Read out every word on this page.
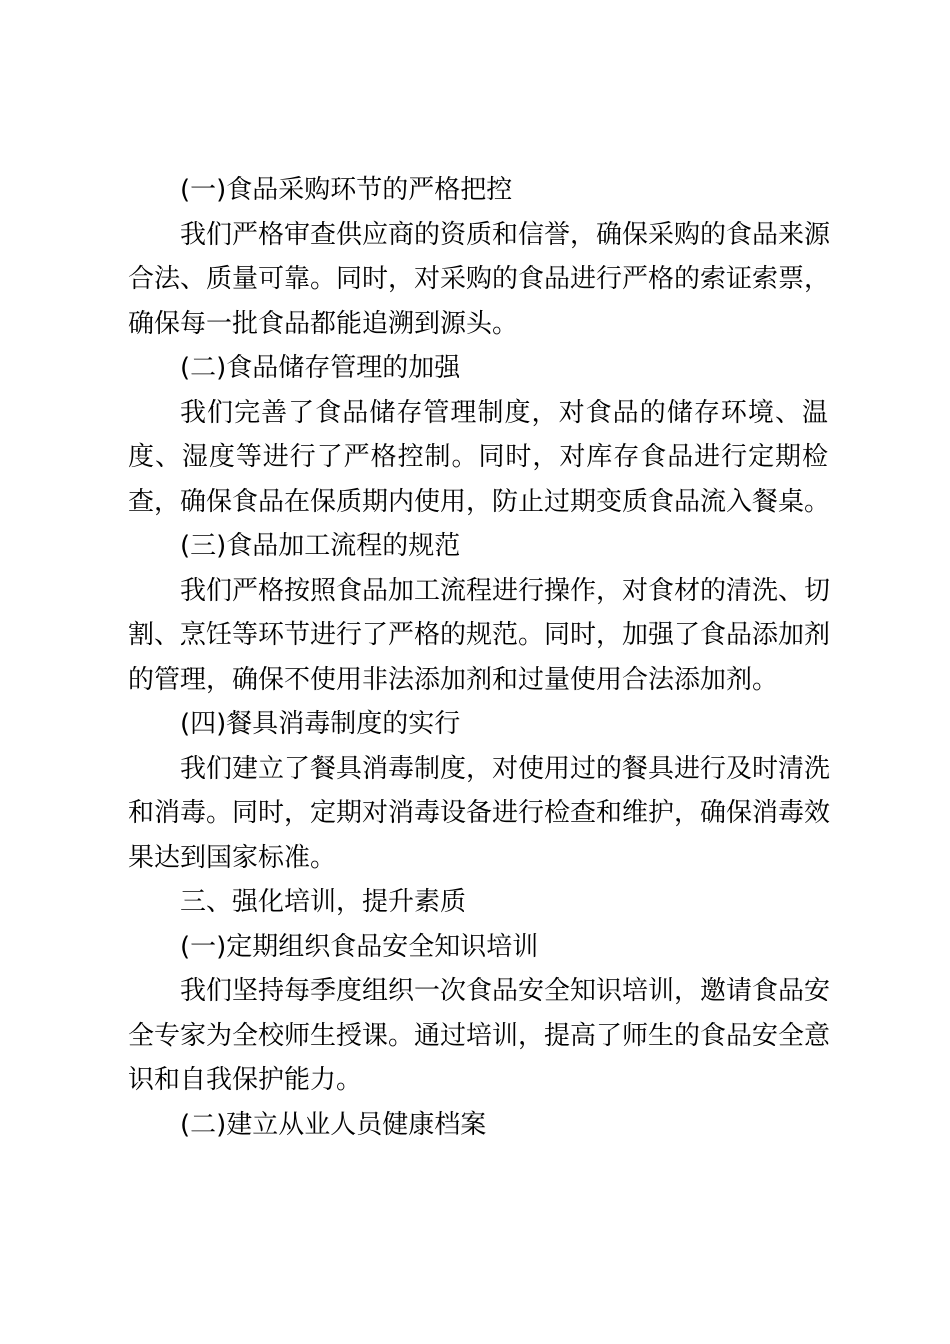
(一)食品采购环节的严格把控
我们严格审查供应商的资质和信誉，确保采购的食品来源
合法、质量可靠。同时，对采购的食品进行严格的索证索票，
确保每一批食品都能追溯到源头。
(二)食品储存管理的加强
我们完善了食品储存管理制度，对食品的储存环境、温
度、湿度等进行了严格控制。同时，对库存食品进行定期检
查，确保食品在保质期内使用，防止过期变质食品流入餐桌。
(三)食品加工流程的规范
我们严格按照食品加工流程进行操作，对食材的清洗、切
割、烹饪等环节进行了严格的规范。同时，加强了食品添加剂
的管理，确保不使用非法添加剂和过量使用合法添加剂。
(四)餐具消毒制度的实行
我们建立了餐具消毒制度，对使用过的餐具进行及时清洗
和消毒。同时，定期对消毒设备进行检查和维护，确保消毒效
果达到国家标准。
三、强化培训，提升素质
(一)定期组织食品安全知识培训
我们坚持每季度组织一次食品安全知识培训，邀请食品安
全专家为全校师生授课。通过培训，提高了师生的食品安全意
识和自我保护能力。
(二)建立从业人员健康档案
